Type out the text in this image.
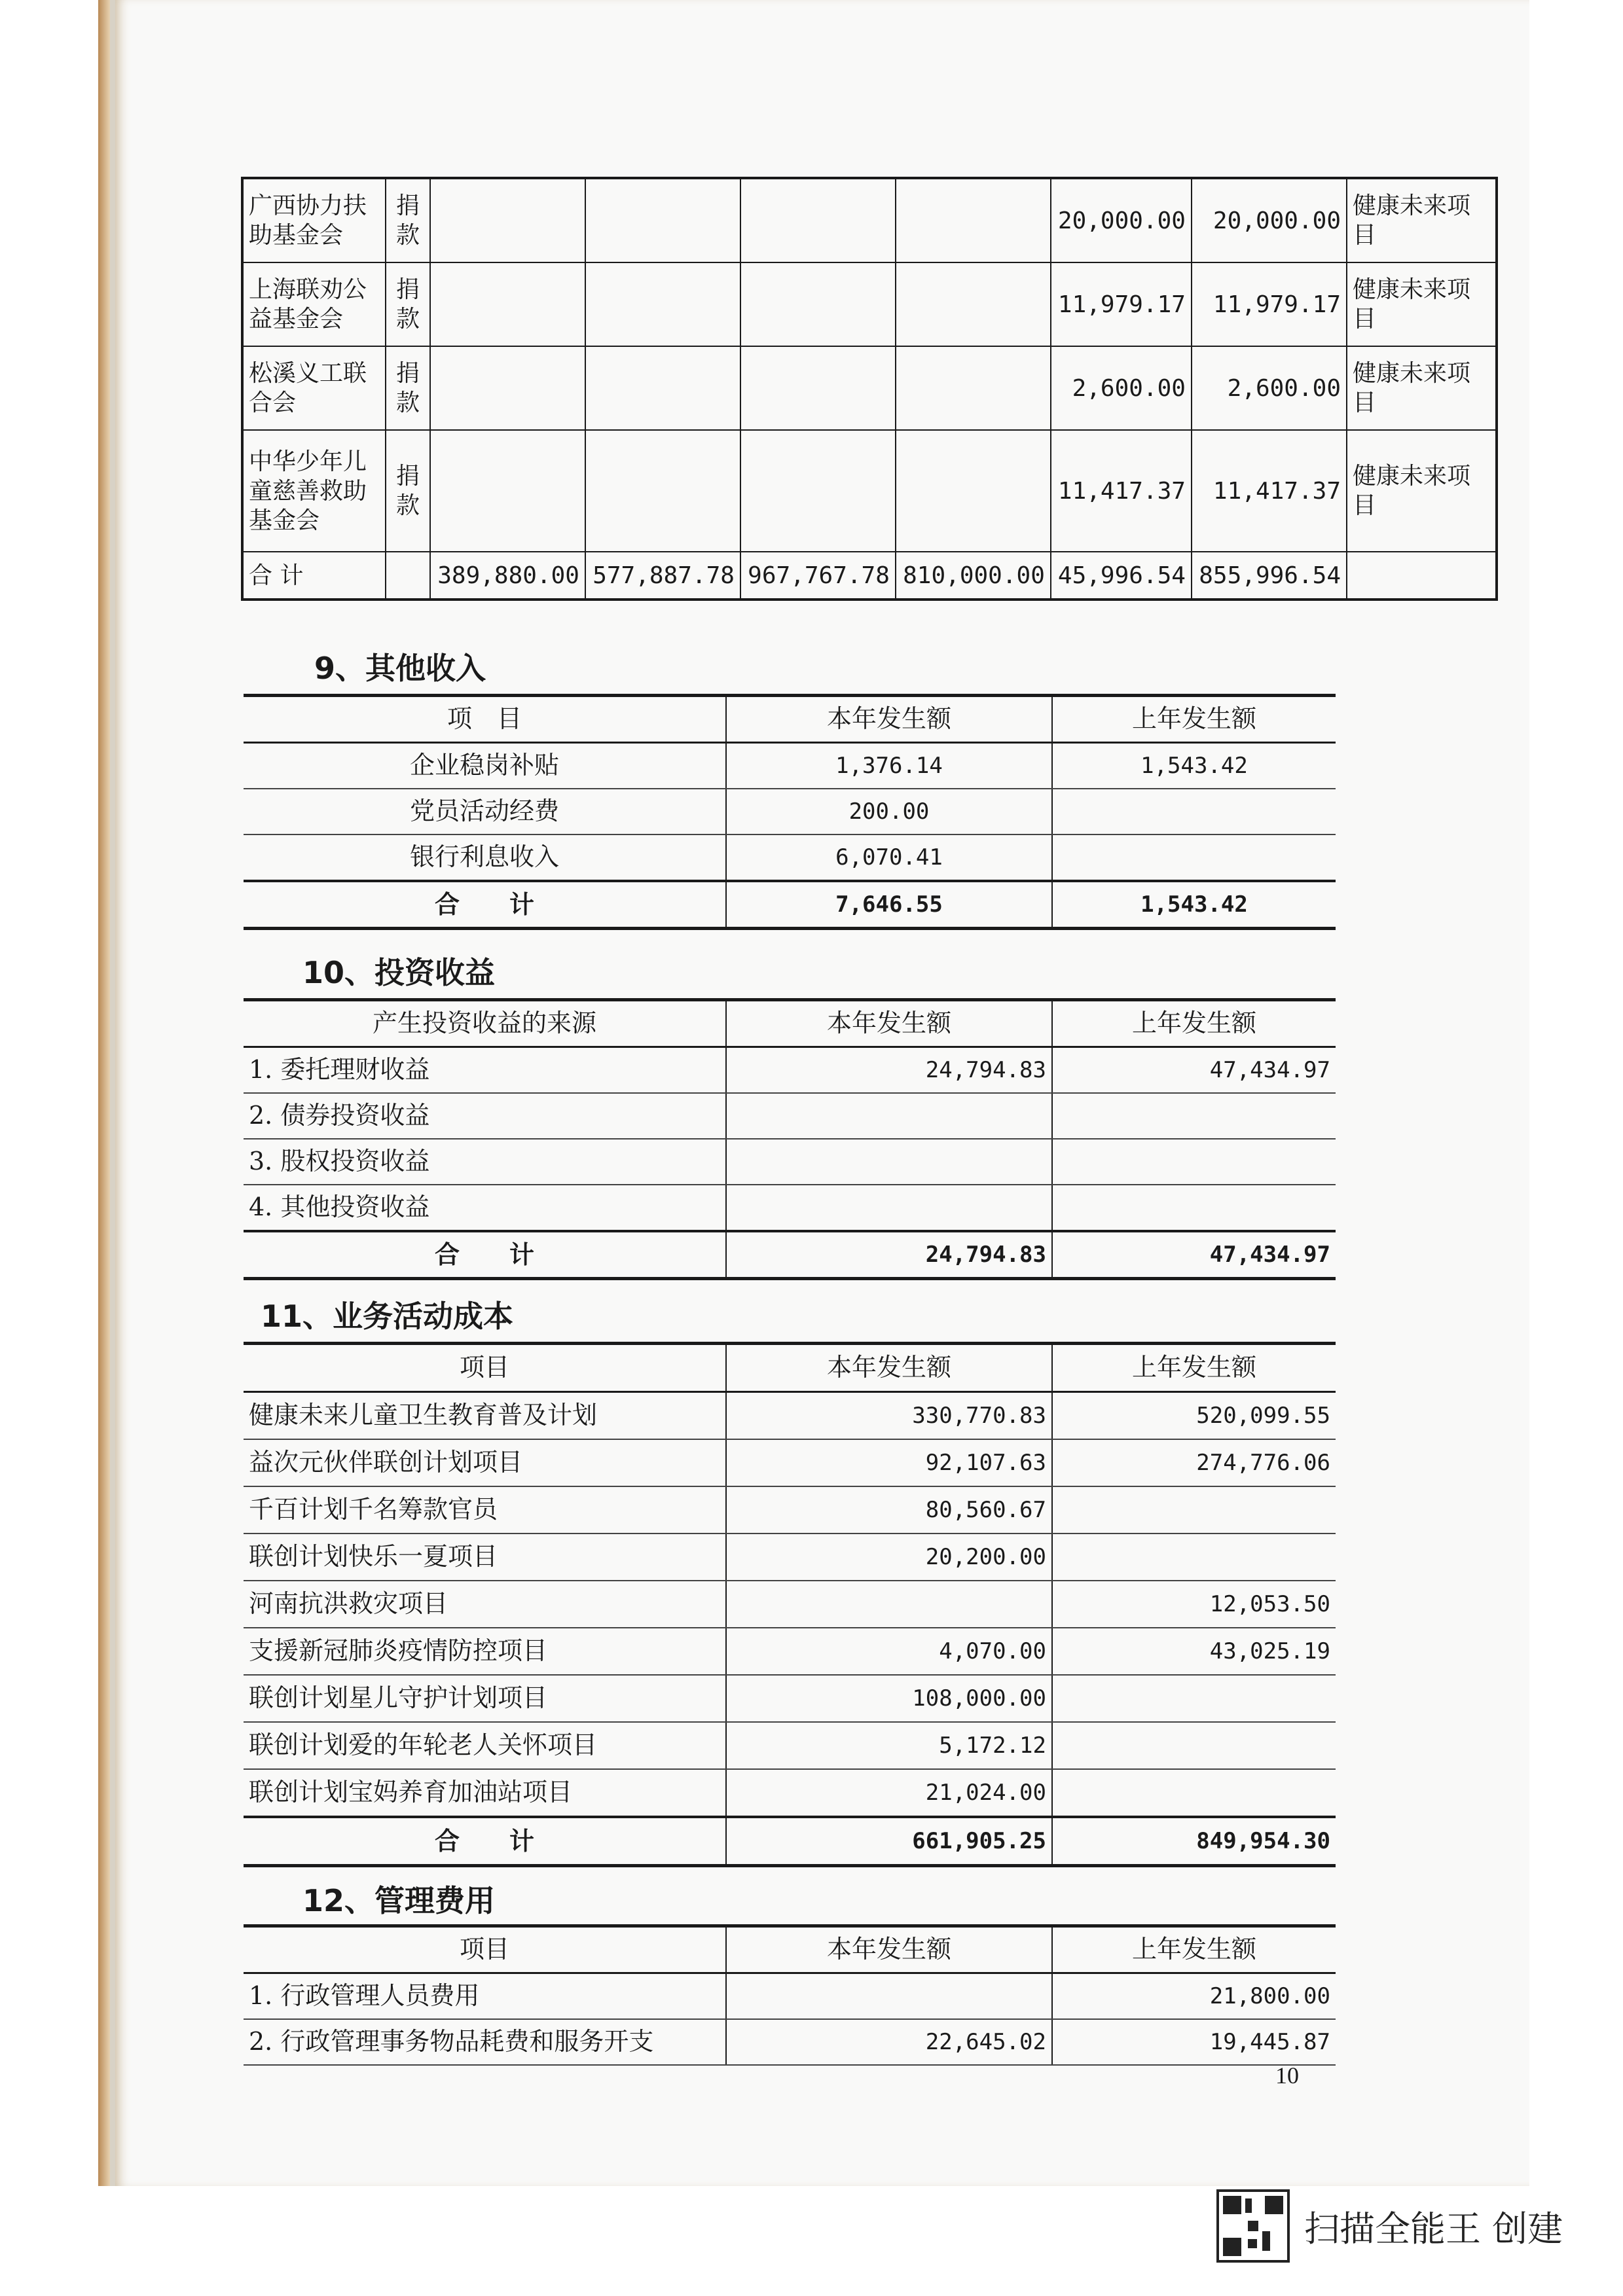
广西协力扶助基金会	捐款					20,000.00	20,000.00	健康未来项目
上海联劝公益基金会	捐款					11,979.17	11,979.17	健康未来项目
松溪义工联合会	捐款					2,600.00	2,600.00	健康未来项目
中华少年儿童慈善救助基金会	捐款					11,417.37	11,417.37	健康未来项目
合 计		389,880.00	577,887.78	967,767.78	810,000.00	45,996.54	855,996.54	
9、其他收入
项　目	本年发生额	上年发生额
企业稳岗补贴	1,376.14	1,543.42
党员活动经费	200.00	
银行利息收入	6,070.41	
合　　计	7,646.55	1,543.42
10、投资收益
产生投资收益的来源	本年发生额	上年发生额
1. 委托理财收益	24,794.83	47,434.97
2. 债券投资收益		
3. 股权投资收益		
4. 其他投资收益		
合　　计	24,794.83	47,434.97
11、业务活动成本
项目	本年发生额	上年发生额
健康未来儿童卫生教育普及计划	330,770.83	520,099.55
益次元伙伴联创计划项目	92,107.63	274,776.06
千百计划千名筹款官员	80,560.67	
联创计划快乐一夏项目	20,200.00	
河南抗洪救灾项目		12,053.50
支援新冠肺炎疫情防控项目	4,070.00	43,025.19
联创计划星儿守护计划项目	108,000.00	
联创计划爱的年轮老人关怀项目	5,172.12	
联创计划宝妈养育加油站项目	21,024.00	
合　　计	661,905.25	849,954.30
12、管理费用
项目	本年发生额	上年发生额
1. 行政管理人员费用		21,800.00
2. 行政管理事务物品耗费和服务开支	22,645.02	19,445.87
10
扫描全能王 创建
